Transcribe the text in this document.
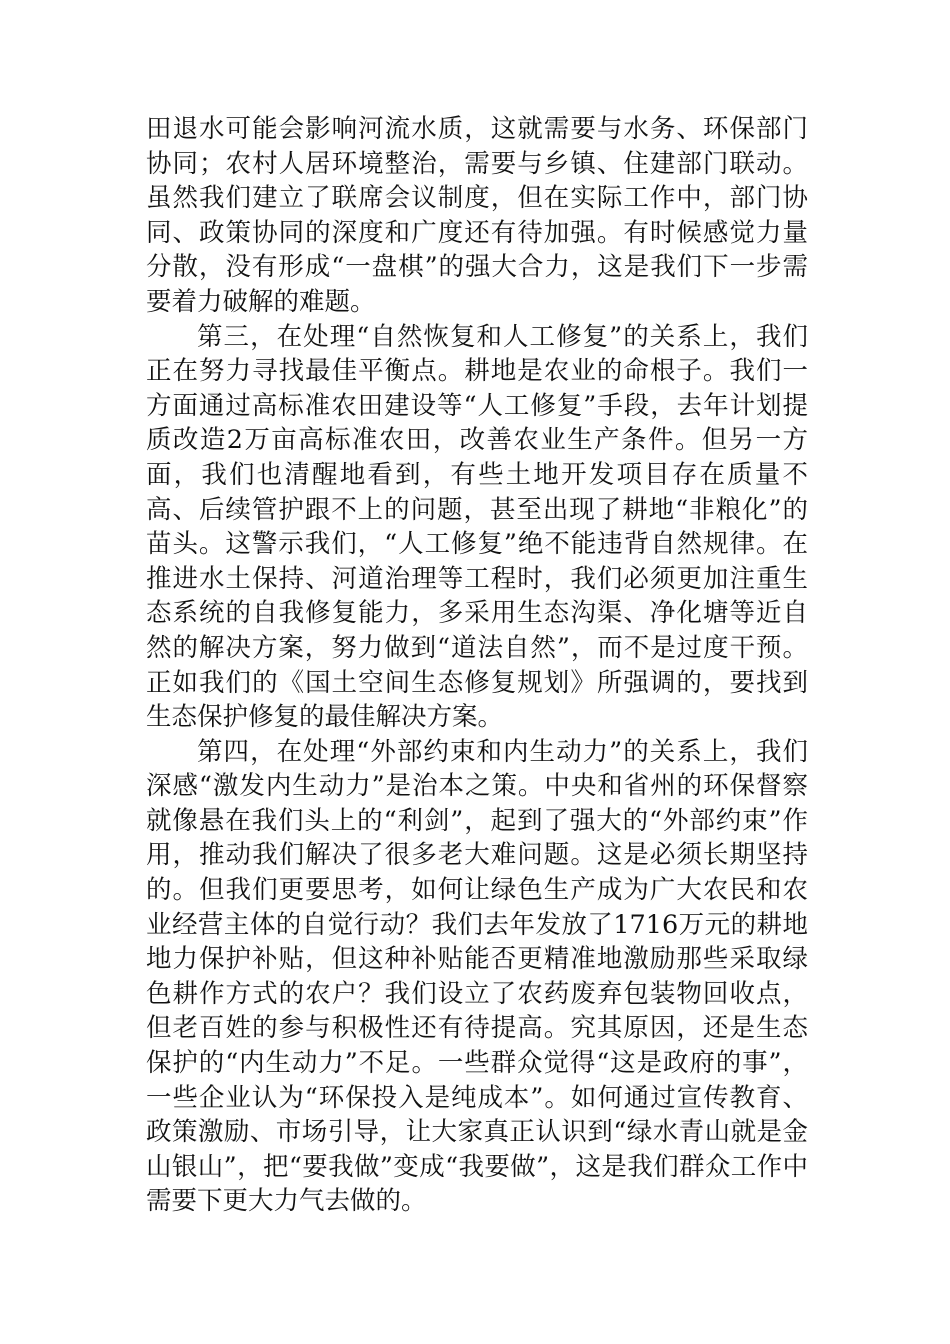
田退水可能会影响河流水质，这就需要与水务、环保部门协同；农村人居环境整治，需要与乡镇、住建部门联动。虽然我们建立了联席会议制度，但在实际工作中，部门协同、政策协同的深度和广度还有待加强。有时候感觉力量分散，没有形成“一盘棋”的强大合力，这是我们下一步需要着力破解的难题。

第三，在处理“自然恢复和人工修复”的关系上，我们正在努力寻找最佳平衡点。耕地是农业的命根子。我们一方面通过高标准农田建设等“人工修复”手段，去年计划提质改造2万亩高标准农田，改善农业生产条件。但另一方面，我们也清醒地看到，有些土地开发项目存在质量不高、后续管护跟不上的问题，甚至出现了耕地“非粮化”的苗头。这警示我们，“人工修复”绝不能违背自然规律。在推进水土保持、河道治理等工程时，我们必须更加注重生态系统的自我修复能力，多采用生态沟渠、净化塘等近自然的解决方案，努力做到“道法自然”，而不是过度干预。正如我们的《国土空间生态修复规划》所强调的，要找到生态保护修复的最佳解决方案。

第四，在处理“外部约束和内生动力”的关系上，我们深感“激发内生动力”是治本之策。中央和省州的环保督察就像悬在我们头上的“利剑”，起到了强大的“外部约束”作用，推动我们解决了很多老大难问题。这是必须长期坚持的。但我们更要思考，如何让绿色生产成为广大农民和农业经营主体的自觉行动？我们去年发放了1716万元的耕地地力保护补贴，但这种补贴能否更精准地激励那些采取绿色耕作方式的农户？我们设立了农药废弃包装物回收点，但老百姓的参与积极性还有待提高。究其原因，还是生态保护的“内生动力”不足。一些群众觉得“这是政府的事”，一些企业认为“环保投入是纯成本”。如何通过宣传教育、政策激励、市场引导，让大家真正认识到“绿水青山就是金山银山”，把“要我做”变成“我要做”，这是我们群众工作中需要下更大力气去做的。
